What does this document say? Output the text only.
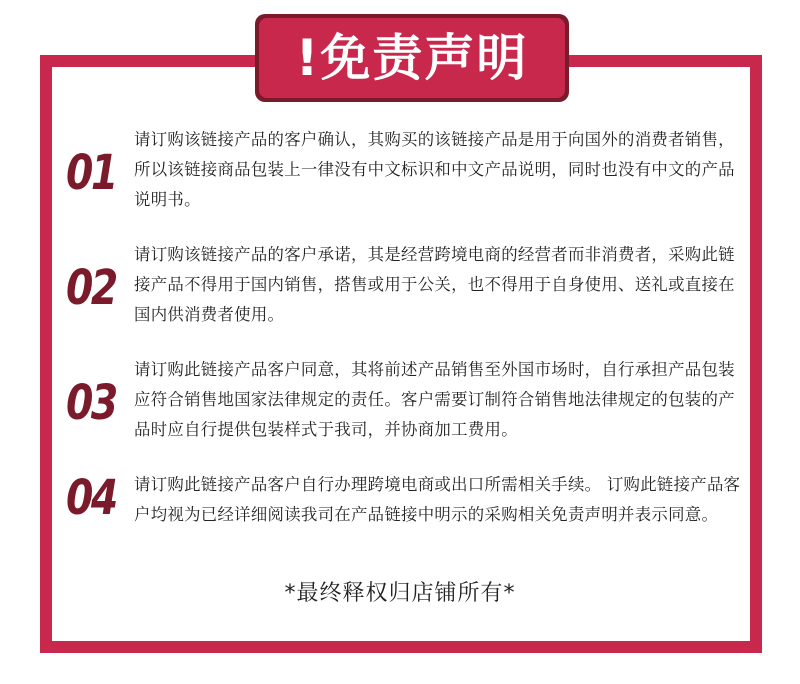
!免责声明
01
请订购该链接产品的客户确认，其购买的该链接产品是用于向国外的消费者销售，所以该链接商品包装上一律没有中文标识和中文产品说明，同时也没有中文的产品说明书。
02
请订购该链接产品的客户承诺，其是经营跨境电商的经营者而非消费者，采购此链接产品不得用于国内销售，搭售或用于公关，也不得用于自身使用、送礼或直接在国内供消费者使用。
03
请订购此链接产品客户同意，其将前述产品销售至外国市场时，自行承担产品包装应符合销售地国家法律规定的责任。客户需要订制符合销售地法律规定的包装的产品时应自行提供包装样式于我司，并协商加工费用。
04 请订购此链接产品客户自行办理跨境电商或出口所需相关手续。 订购此链接产品客户均视为已经详细阅读我司在产品链接中明示的采购相关免责声明并表示同意。
*最终释权归店铺所有*
